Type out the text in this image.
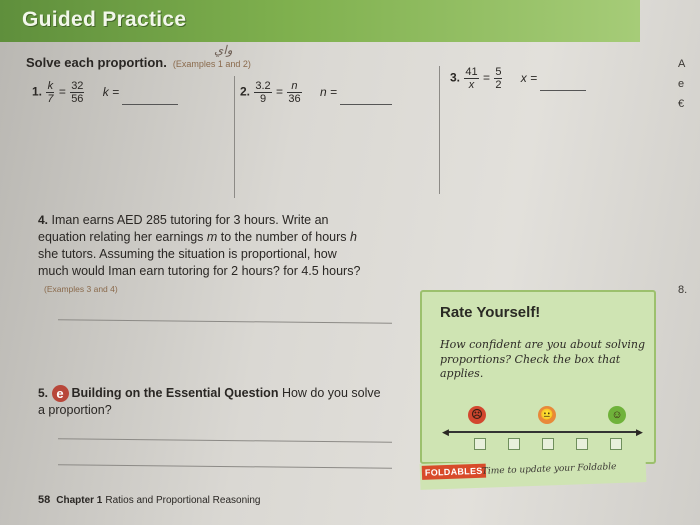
Guided Practice
Solve each proportion. (Examples 1 and 2)
واي
1. $\frac{k}{7} = \frac{32}{56}$ k =	2. $\frac{3.2}{9} = \frac{n}{36}$ n =
3. $\frac{41}{x} = \frac{5}{2}$ x =
4. Iman earns AED 285 tutoring for 3 hours. Write an equation relating her earnings m to the number of hours h she tutors. Assuming the situation is proportional, how much would Iman earn tutoring for 2 hours? for 4.5 hours? (Examples 3 and 4)
5. e Building on the Essential Question How do you solve a proportion?
Rate Yourself!
How confident are you about solving proportions? Check the box that applies.
☹	😐	☺
◀	▶
FOLDABLES
Time to update your Foldable
58 Chapter 1 Ratios and Proportional Reasoning
A
e
€
8.
